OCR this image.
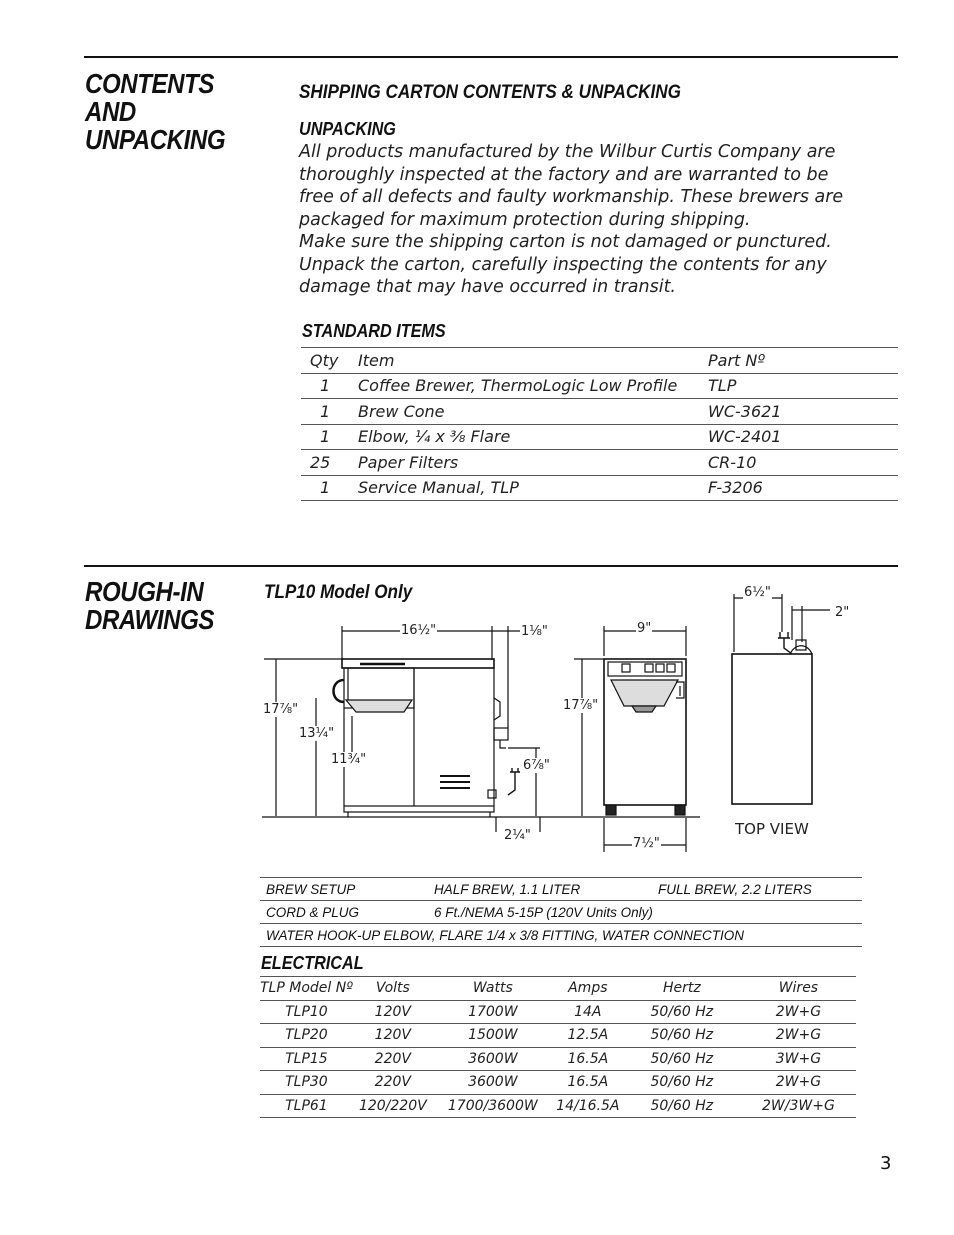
CONTENTS
AND
UNPACKING
SHIPPING CARTON CONTENTS & UNPACKING
UNPACKING
All products manufactured by the Wilbur Curtis Company are
thoroughly inspected at the factory and are warranted to be
free of all defects and faulty workmanship. These brewers are
packaged for maximum protection during shipping.
Make sure the shipping carton is not damaged or punctured.
Unpack the carton, carefully inspecting the contents for any
damage that may have occurred in transit.
STANDARD ITEMS
Qty	Item	Part Nº
1	Coffee Brewer, ThermoLogic Low Profile	TLP
1	Brew Cone	WC-3621
1	Elbow, ¼ x ⅜ Flare	WC-2401
25	Paper Filters	CR-10
1	Service Manual, TLP	F-3206
ROUGH-IN
DRAWINGS
TLP10 Model Only
16½"	1⅛"
17⅞"
13¼"
11¾"	6⅞"
2¼"
9"
17⅞"
7½"
6½"
2"
TOP VIEW
BREW SETUP	HALF BREW, 1.1 LITER	FULL BREW, 2.2 LITERS
CORD & PLUG	6 Ft./NEMA 5-15P (120V Units Only)	
WATER HOOK-UP ELBOW, FLARE 1/4 x 3/8 FITTING, WATER CONNECTION		
ELECTRICAL
TLP Model Nº	Volts	Watts	Amps	Hertz	Wires
TLP10	120V	1700W	14A	50/60 Hz	2W+G
TLP20	120V	1500W	12.5A	50/60 Hz	2W+G
TLP15	220V	3600W	16.5A	50/60 Hz	3W+G
TLP30	220V	3600W	16.5A	50/60 Hz	2W+G
TLP61	120/220V	1700/3600W	14/16.5A	50/60 Hz	2W/3W+G
3
